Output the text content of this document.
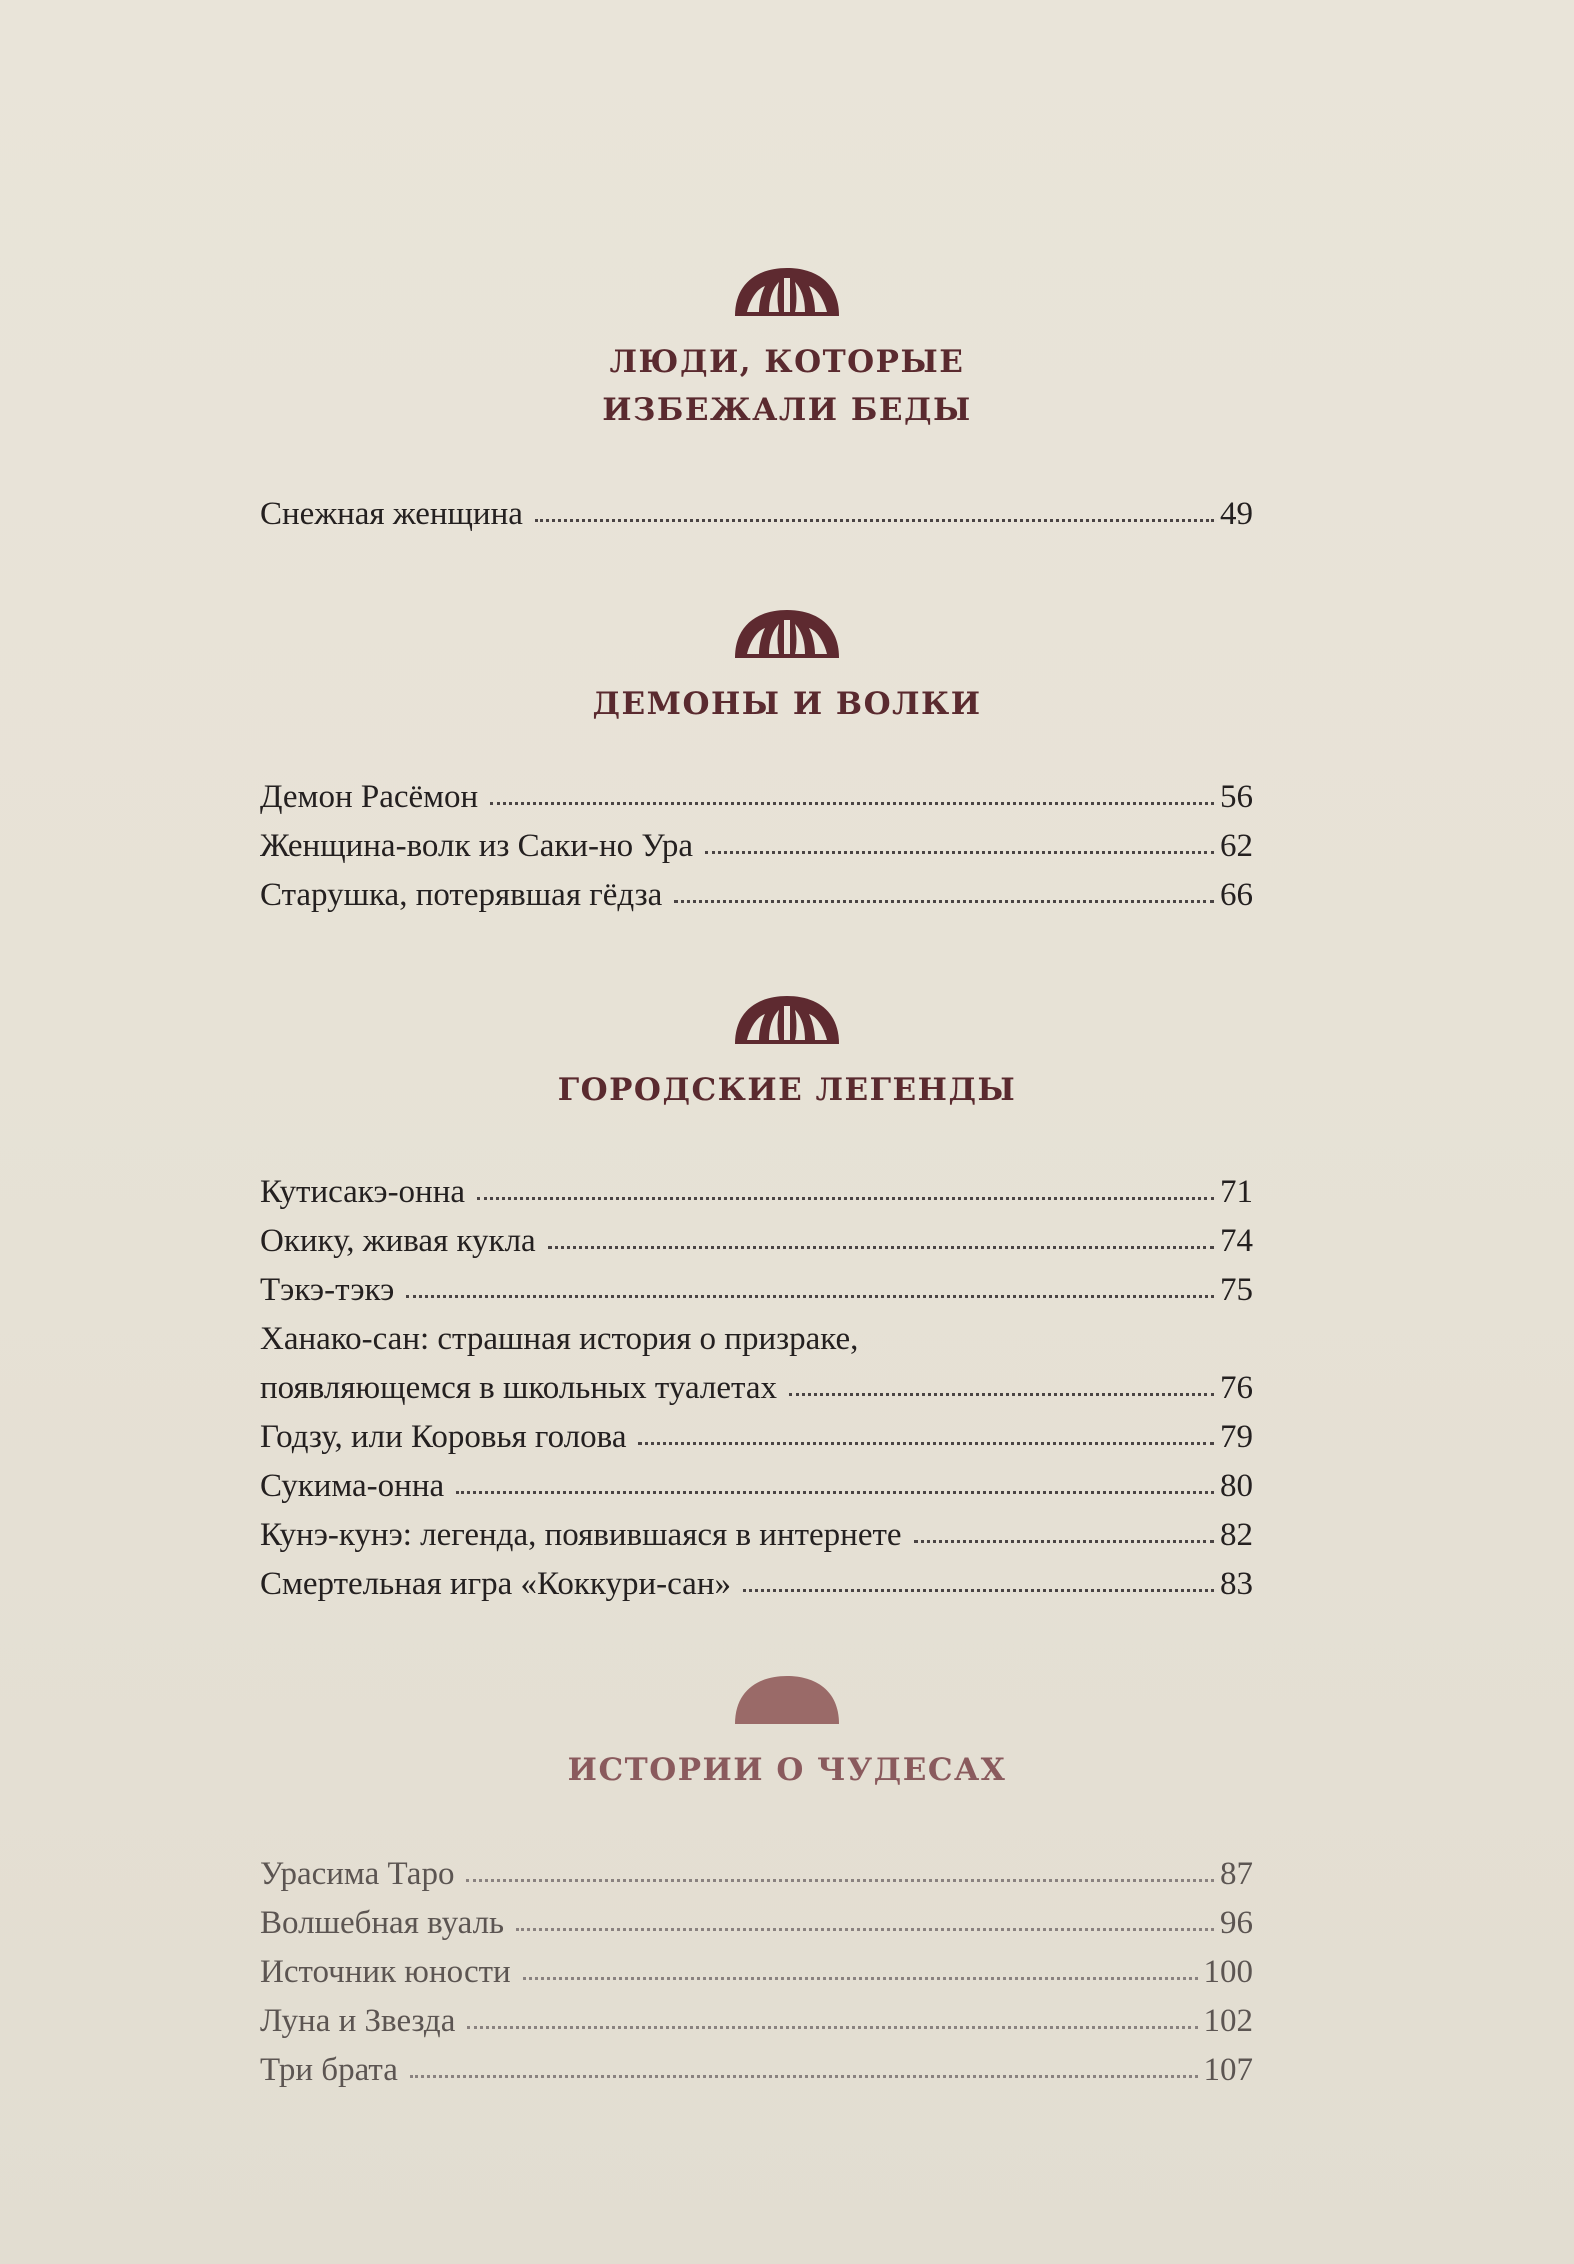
ЛЮДИ, КОТОРЫЕ
ИЗБЕЖАЛИ БЕДЫ
Снежная женщина	49
ДЕМОНЫ И ВОЛКИ
Демон Расёмон	56
Женщина-волк из Саки-но Ура	62
Старушка, потерявшая гёдза	66
ГОРОДСКИЕ ЛЕГЕНДЫ
Кутисакэ-онна	71
Окику, живая кукла	74
Тэкэ-тэкэ	75
Ханако-сан: страшная история о призраке,
появляющемся в школьных туалетах	76
Годзу, или Коровья голова	79
Сукима-онна	80
Кунэ-кунэ: легенда, появившаяся в интернете	82
Смертельная игра «Коккури-сан»	83
ИСТОРИИ О ЧУДЕСАХ
Урасима Таро	87
Волшебная вуаль	96
Источник юности	100
Луна и Звезда	102
Три брата	107
